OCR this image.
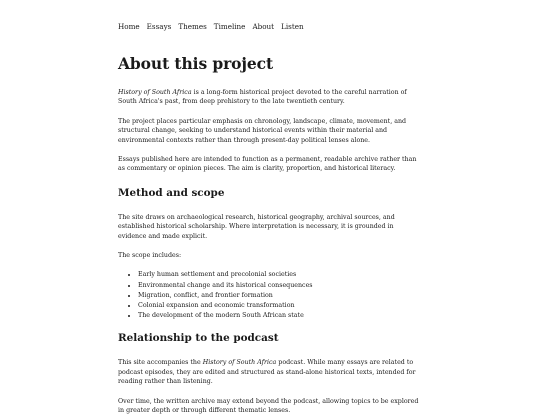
Home Essays Themes Timeline About Listen
About this project

History of South Africa is a long-form historical project devoted to the careful narration of South Africa's past, from deep prehistory to the late twentieth century.

The project places particular emphasis on chronology, landscape, climate, movement, and structural change, seeking to understand historical events within their material and environmental contexts rather than through present-day political lenses alone.

Essays published here are intended to function as a permanent, readable archive rather than as commentary or opinion pieces. The aim is clarity, proportion, and historical literacy.

Method and scope

The site draws on archaeological research, historical geography, archival sources, and established historical scholarship. Where interpretation is necessary, it is grounded in evidence and made explicit.

The scope includes:

• Early human settlement and precolonial societies
• Environmental change and its historical consequences
• Migration, conflict, and frontier formation
• Colonial expansion and economic transformation
• The development of the modern South African state
Relationship to the podcast

This site accompanies the History of South Africa podcast. While many essays are related to podcast episodes, they are edited and structured as stand-alone historical texts, intended for reading rather than listening.

Over time, the written archive may extend beyond the podcast, allowing topics to be explored in greater depth or through different thematic lenses.
